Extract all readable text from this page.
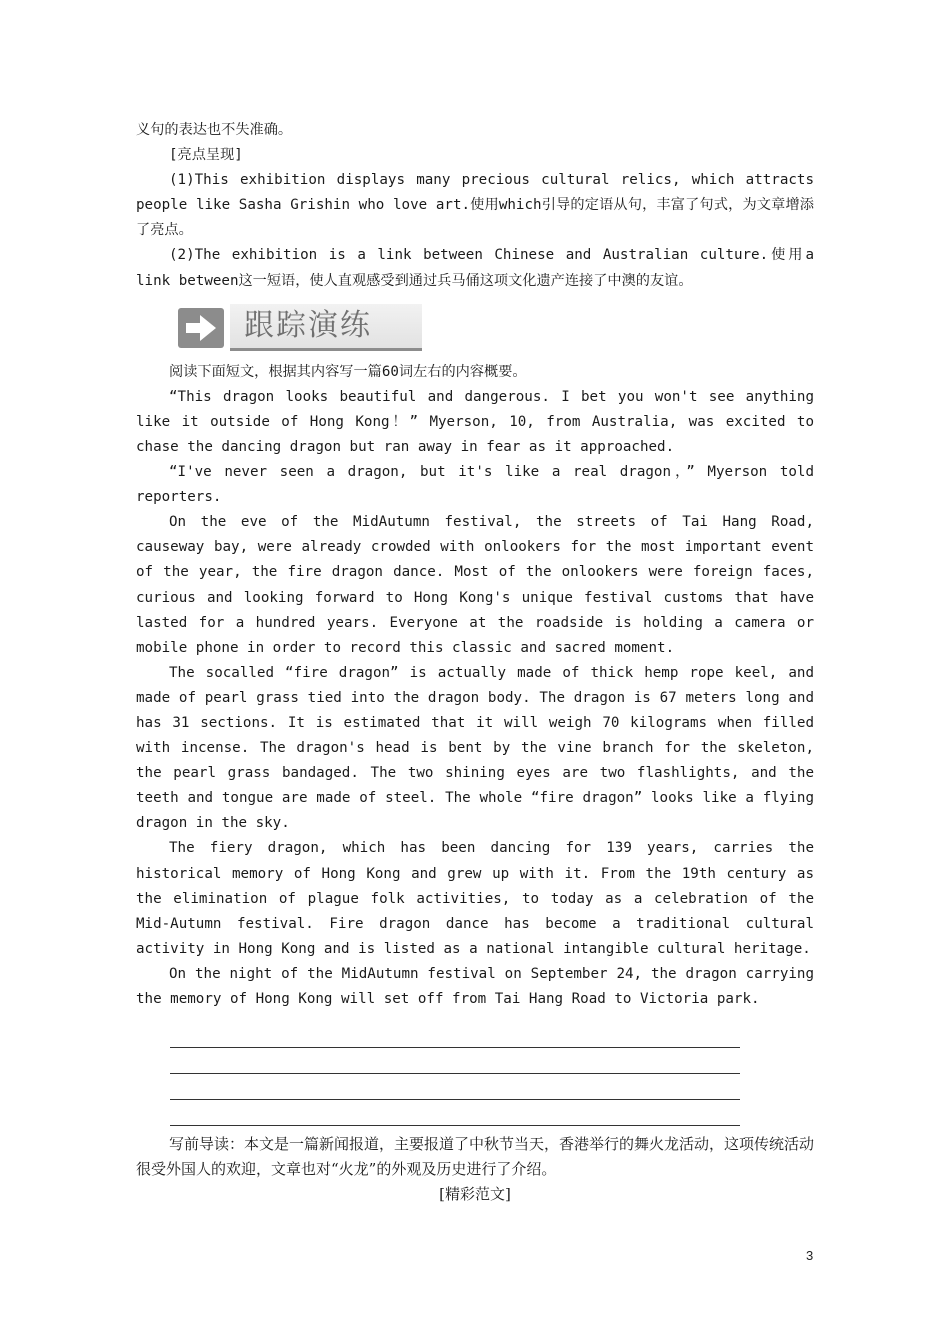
义句的表达也不失准确。

[亮点呈现]

(1)This exhibition displays many precious cultural relics, which attracts people like Sasha Grishin who love art.使用which引导的定语从句，丰富了句式，为文章增添了亮点。

(2)The exhibition is a link between Chinese and Australian culture.使用a link between这一短语，使人直观感受到通过兵马俑这项文化遗产连接了中澳的友谊。

跟踪演练

阅读下面短文，根据其内容写一篇60词左右的内容概要。

“This dragon looks beautiful and dangerous. I bet you won't see anything like it outside of Hong Kong！” Myerson, 10, from Australia, was excited to chase the dancing dragon but ran away in fear as it approached.

“I've never seen a dragon, but it's like a real dragon，” Myerson told reporters.

On the eve of the MidAutumn festival, the streets of Tai Hang Road, causeway bay, were already crowded with onlookers for the most important event of the year, the fire dragon dance. Most of the onlookers were foreign faces, curious and looking forward to Hong Kong's unique festival customs that have lasted for a hundred years. Everyone at the roadside is holding a camera or mobile phone in order to record this classic and sacred moment.

The socalled “fire dragon” is actually made of thick hemp rope keel, and made of pearl grass tied into the dragon body. The dragon is 67 meters long and has 31 sections. It is estimated that it will weigh 70 kilograms when filled with incense. The dragon's head is bent by the vine branch for the skeleton, the pearl grass bandaged. The two shining eyes are two flashlights, and the teeth and tongue are made of steel. The whole “fire dragon” looks like a flying dragon in the sky.

The fiery dragon, which has been dancing for 139 years, carries the historical memory of Hong Kong and grew up with it. From the 19th century as the elimination of plague folk activities, to today as a celebration of the Mid-Autumn festival. Fire dragon dance has become a traditional cultural activity in Hong Kong and is listed as a national intangible cultural heritage.

On the night of the MidAutumn festival on September 24, the dragon carrying the memory of Hong Kong will set off from Tai Hang Road to Victoria park.

写前导读：本文是一篇新闻报道，主要报道了中秋节当天，香港举行的舞火龙活动，这项传统活动很受外国人的欢迎，文章也对“火龙”的外观及历史进行了介绍。

[精彩范文]

3
